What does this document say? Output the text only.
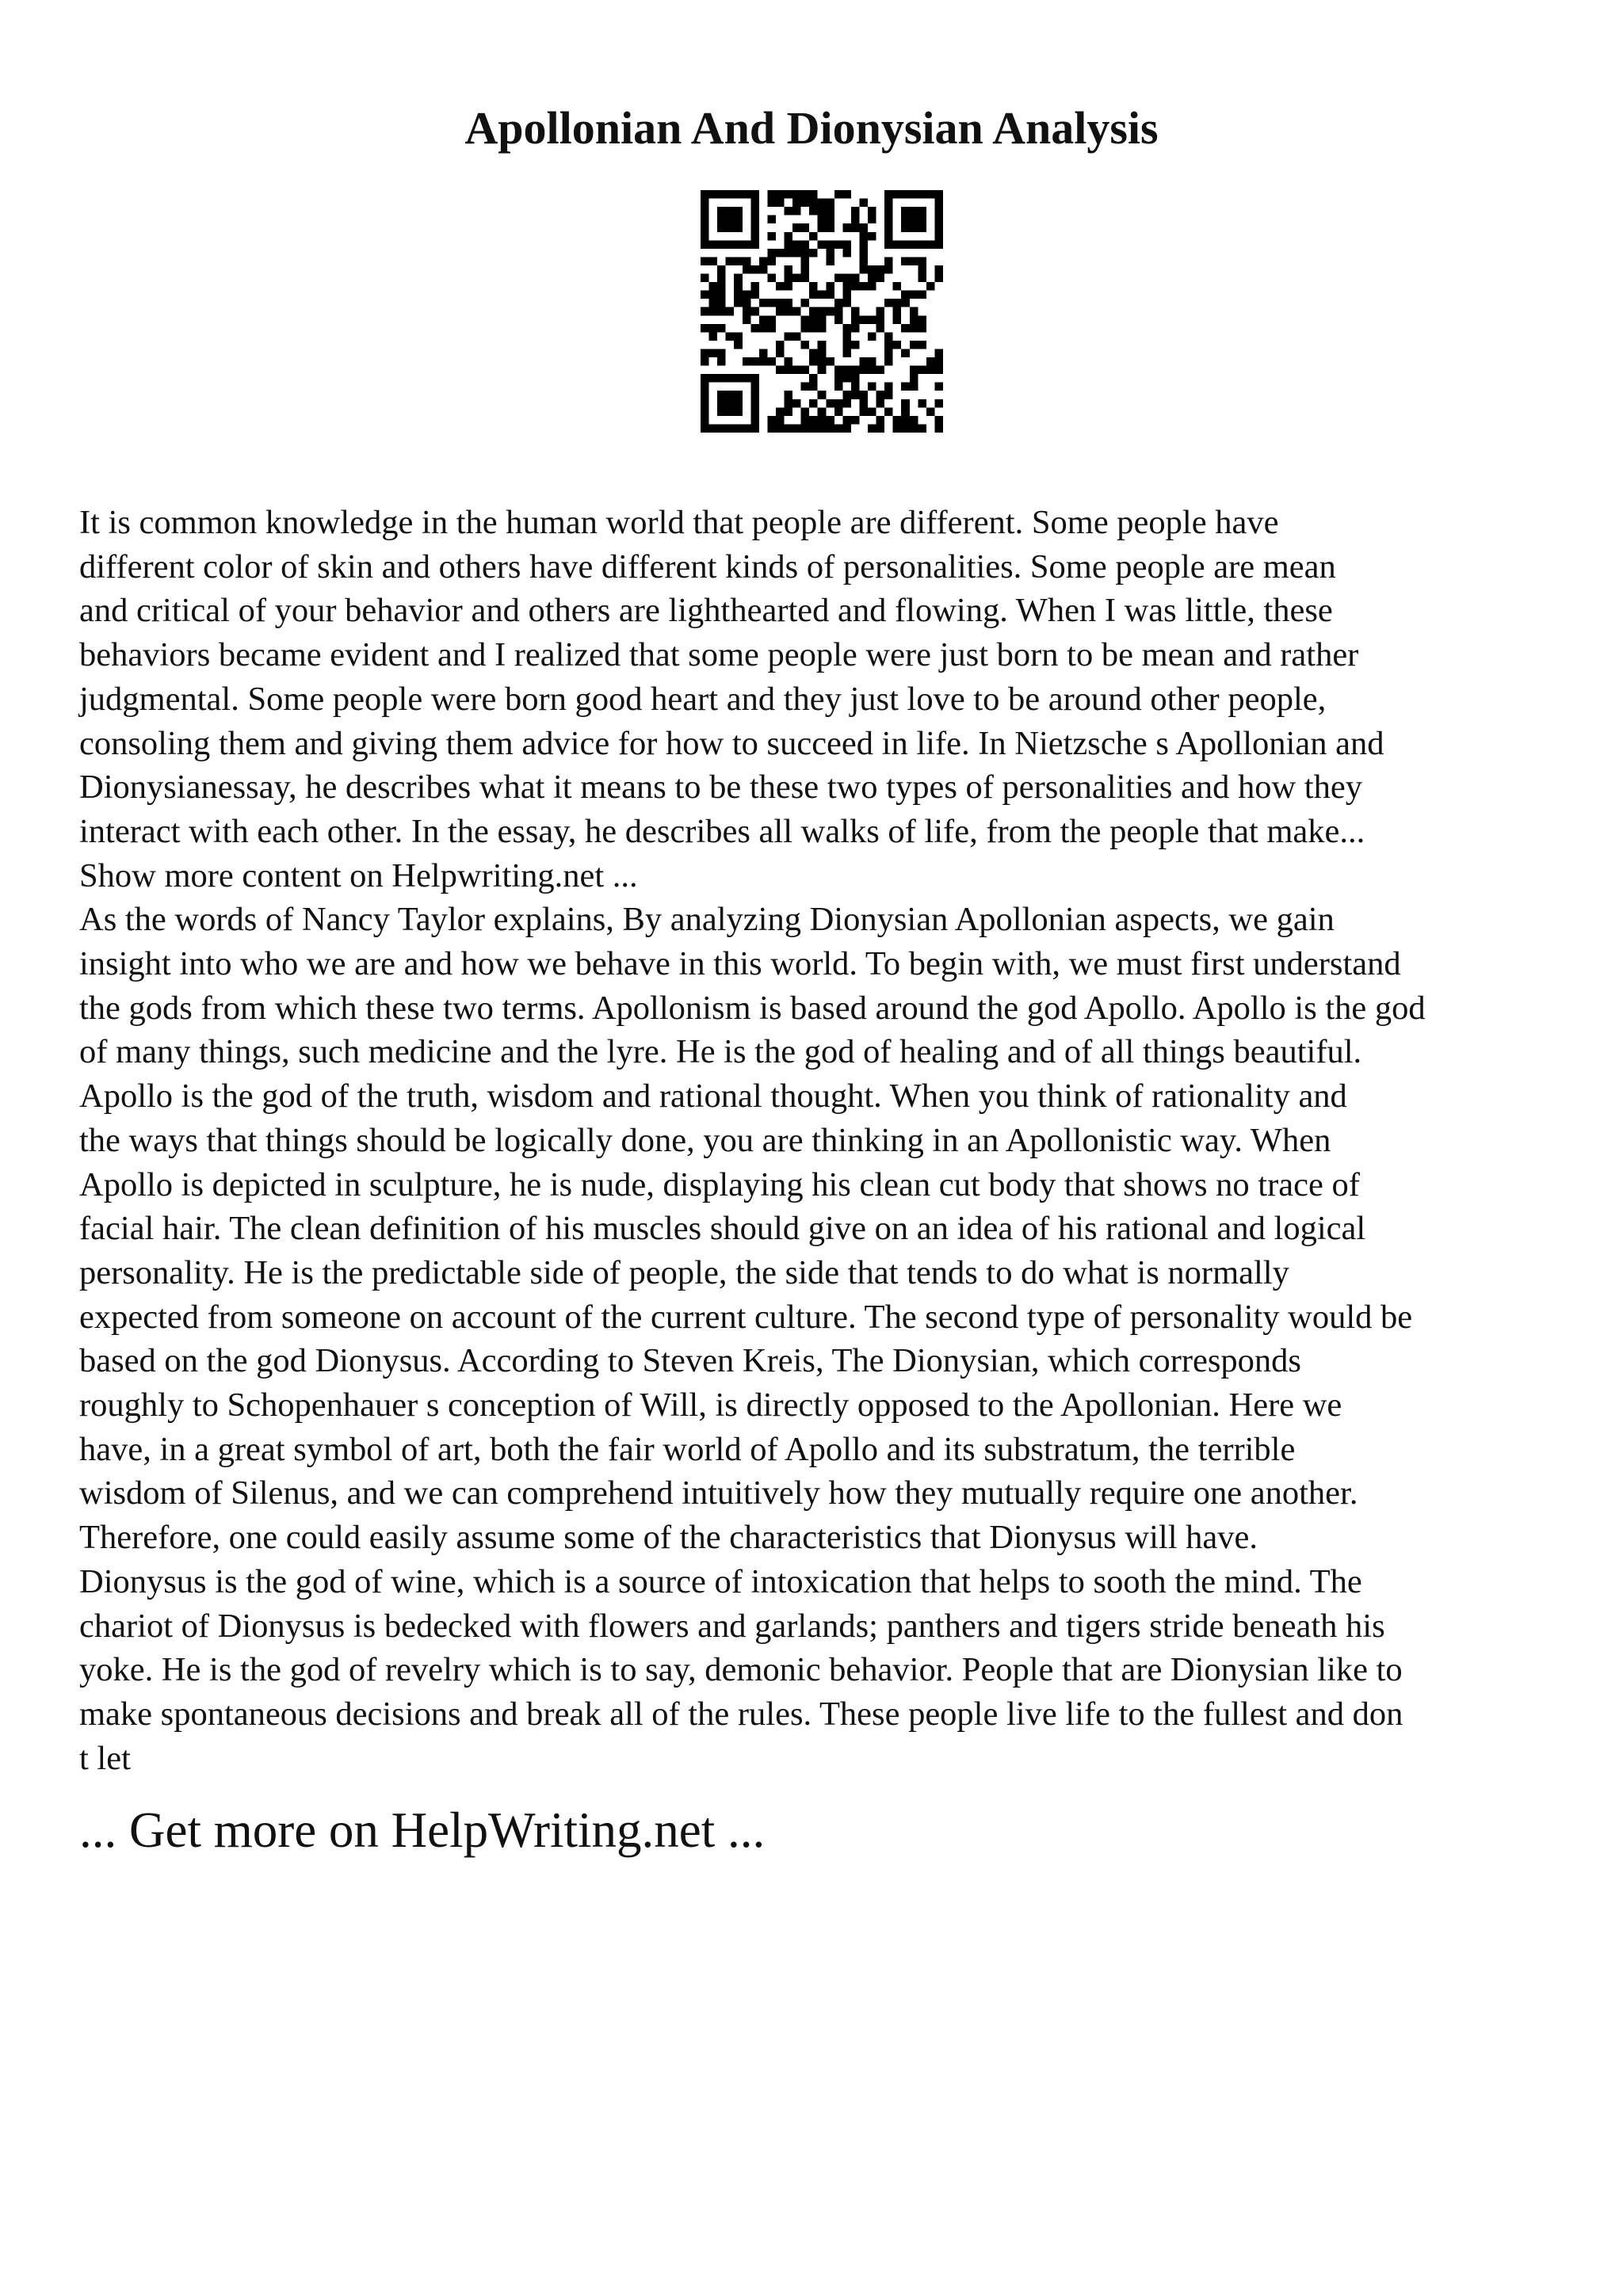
Apollonian And Dionysian Analysis
It is common knowledge in the human world that people are different. Some people have
different color of skin and others have different kinds of personalities. Some people are mean
and critical of your behavior and others are lighthearted and flowing. When I was little, these
behaviors became evident and I realized that some people were just born to be mean and rather
judgmental. Some people were born good heart and they just love to be around other people,
consoling them and giving them advice for how to succeed in life. In Nietzsche s Apollonian and
Dionysianessay, he describes what it means to be these two types of personalities and how they
interact with each other. In the essay, he describes all walks of life, from the people that make...
Show more content on Helpwriting.net ...
As the words of Nancy Taylor explains, By analyzing Dionysian Apollonian aspects, we gain
insight into who we are and how we behave in this world. To begin with, we must first understand
the gods from which these two terms. Apollonism is based around the god Apollo. Apollo is the god
of many things, such medicine and the lyre. He is the god of healing and of all things beautiful.
Apollo is the god of the truth, wisdom and rational thought. When you think of rationality and
the ways that things should be logically done, you are thinking in an Apollonistic way. When
Apollo is depicted in sculpture, he is nude, displaying his clean cut body that shows no trace of
facial hair. The clean definition of his muscles should give on an idea of his rational and logical
personality. He is the predictable side of people, the side that tends to do what is normally
expected from someone on account of the current culture. The second type of personality would be
based on the god Dionysus. According to Steven Kreis, The Dionysian, which corresponds
roughly to Schopenhauer s conception of Will, is directly opposed to the Apollonian. Here we
have, in a great symbol of art, both the fair world of Apollo and its substratum, the terrible
wisdom of Silenus, and we can comprehend intuitively how they mutually require one another.
Therefore, one could easily assume some of the characteristics that Dionysus will have.
Dionysus is the god of wine, which is a source of intoxication that helps to sooth the mind. The
chariot of Dionysus is bedecked with flowers and garlands; panthers and tigers stride beneath his
yoke. He is the god of revelry which is to say, demonic behavior. People that are Dionysian like to
make spontaneous decisions and break all of the rules. These people live life to the fullest and don
t let
... Get more on HelpWriting.net ...
